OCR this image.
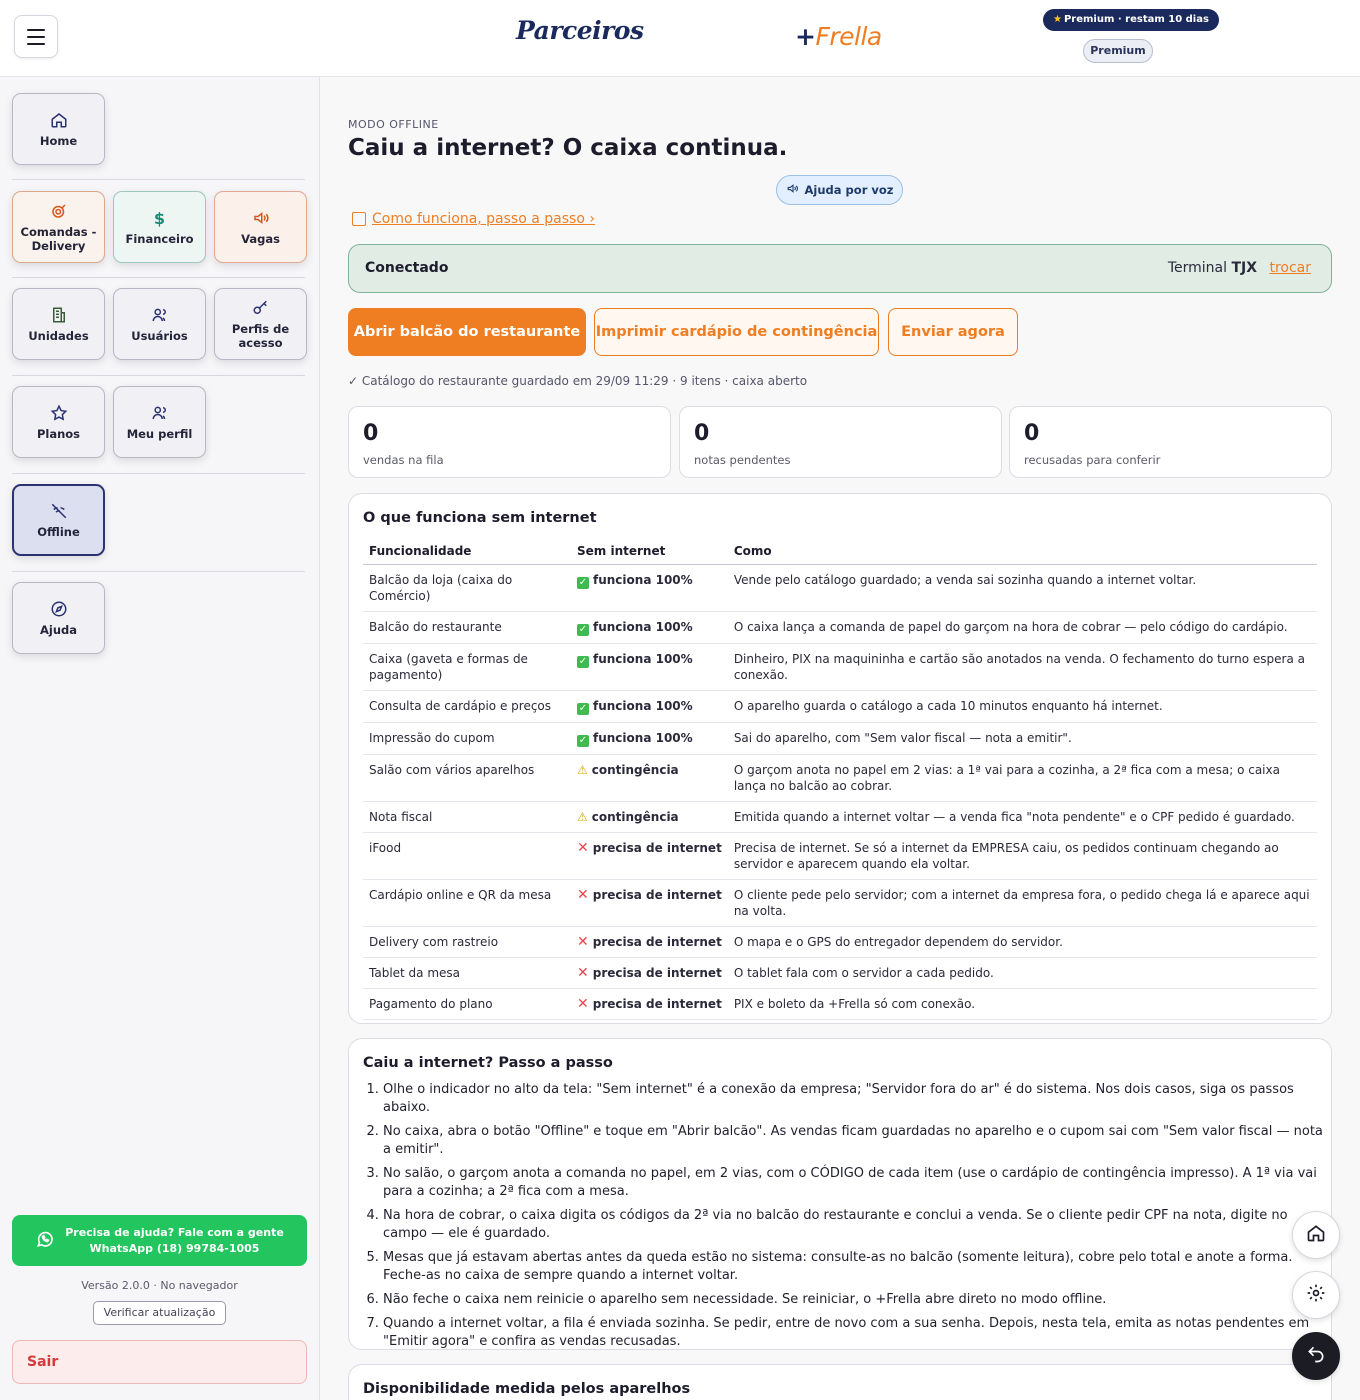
Parceiros	+Frella
★ Premium · restam 10 dias
Premium
Home
Comandas - Delivery
$
Financeiro	Vagas
Unidades	Usuários	Perfis de acesso
Planos	Meu perfil
Offline
Ajuda
Precisa de ajuda? Fale com a gente
WhatsApp (18) 99784-1005
Versão 2.0.0 · No navegador
Verificar atualização
Sair
MODO OFFLINE
Caiu a internet? O caixa continua.
Ajuda por voz
Como funciona, passo a passo ›
Conectado	Terminal TJX trocar
Abrir balcão do restaurante	Imprimir cardápio de contingência	Enviar agora
✓ Catálogo do restaurante guardado em 29/09 11:29 · 9 itens · caixa aberto
0
vendas na fila
0
notas pendentes
0
recusadas para conferir
O que funciona sem internet
Funcionalidade	Sem internet	Como
Balcão da loja (caixa do Comércio)	✓ funciona 100%	Vende pelo catálogo guardado; a venda sai sozinha quando a internet voltar.
Balcão do restaurante	✓ funciona 100%	O caixa lança a comanda de papel do garçom na hora de cobrar — pelo código do cardápio.
Caixa (gaveta e formas de pagamento)	✓ funciona 100%	Dinheiro, PIX na maquininha e cartão são anotados na venda. O fechamento do turno espera a conexão.
Consulta de cardápio e preços	✓ funciona 100%	O aparelho guarda o catálogo a cada 10 minutos enquanto há internet.
Impressão do cupom	✓ funciona 100%	Sai do aparelho, com "Sem valor fiscal — nota a emitir".
Salão com vários aparelhos	⚠ contingência	O garçom anota no papel em 2 vias: a 1ª vai para a cozinha, a 2ª fica com a mesa; o caixa lança no balcão ao cobrar.
Nota fiscal	⚠ contingência	Emitida quando a internet voltar — a venda fica "nota pendente" e o CPF pedido é guardado.
iFood	✕ precisa de internet	Precisa de internet. Se só a internet da EMPRESA caiu, os pedidos continuam chegando ao servidor e aparecem quando ela voltar.
Cardápio online e QR da mesa	✕ precisa de internet	O cliente pede pelo servidor; com a internet da empresa fora, o pedido chega lá e aparece aqui na volta.
Delivery com rastreio	✕ precisa de internet	O mapa e o GPS do entregador dependem do servidor.
Tablet da mesa	✕ precisa de internet	O tablet fala com o servidor a cada pedido.
Pagamento do plano	✕ precisa de internet	PIX e boleto da +Frella só com conexão.
Caiu a internet? Passo a passo
1. Olhe o indicador no alto da tela: "Sem internet" é a conexão da empresa; "Servidor fora do ar" é do sistema. Nos dois casos, siga os passos abaixo.
2. No caixa, abra o botão "Offline" e toque em "Abrir balcão". As vendas ficam guardadas no aparelho e o cupom sai com "Sem valor fiscal — nota a emitir".
3. No salão, o garçom anota a comanda no papel, em 2 vias, com o CÓDIGO de cada item (use o cardápio de contingência impresso). A 1ª via vai para a cozinha; a 2ª fica com a mesa.
4. Na hora de cobrar, o caixa digita os códigos da 2ª via no balcão do restaurante e conclui a venda. Se o cliente pedir CPF na nota, digite no campo — ele é guardado.
5. Mesas que já estavam abertas antes da queda estão no sistema: consulte-as no balcão (somente leitura), cobre pelo total e anote a forma. Feche-as no caixa de sempre quando a internet voltar.
6. Não feche o caixa nem reinicie o aparelho sem necessidade. Se reiniciar, o +Frella abre direto no modo offline.
7. Quando a internet voltar, a fila é enviada sozinha. Se pedir, entre de novo com a sua senha. Depois, nesta tela, emita as notas pendentes em "Emitir agora" e confira as vendas recusadas.
Disponibilidade medida pelos aparelhos
